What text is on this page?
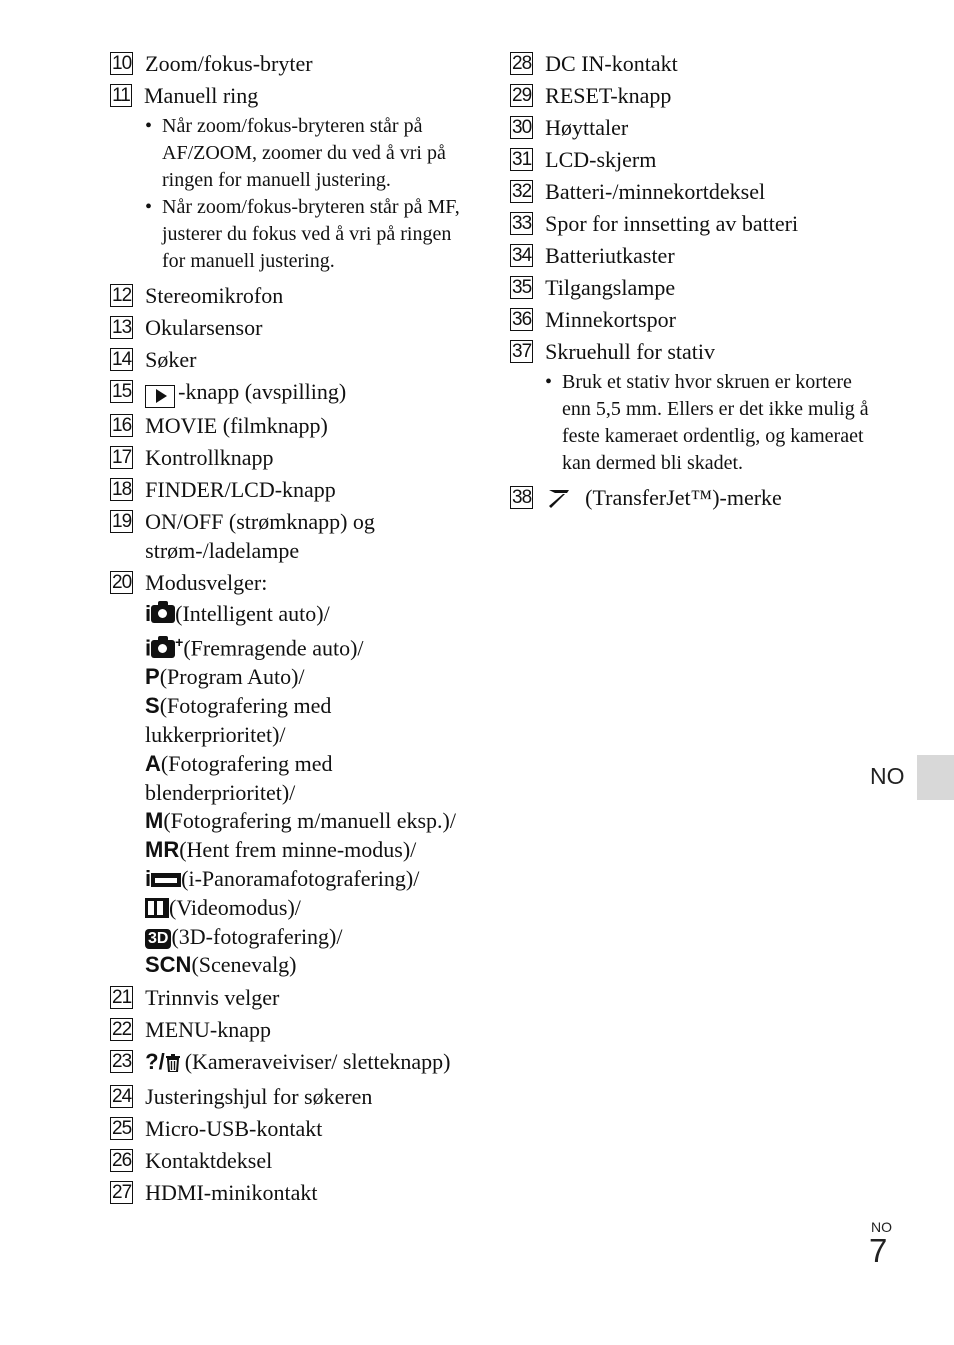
10 Zoom/fokus-bryter
11 Manuell ring
• Når zoom/fokus-bryteren står på AF/ZOOM, zoomer du ved å vri på ringen for manuell justering.
• Når zoom/fokus-bryteren står på MF, justerer du fokus ved å vri på ringen for manuell justering.
12 Stereomikrofon
13 Okularsensor
14 Søker
15	-knapp (avspilling)
16 MOVIE (filmknapp)
17 Kontrollknapp
18 FINDER/LCD-knapp
19 ON/OFF (strømknapp) og strøm-/ladelampe
20 Modusvelger:
i (Intelligent auto)/
i +(Fremragende auto)/
P(Program Auto)/
S(Fotografering med lukkerprioritet)/
A(Fotografering med blenderprioritet)/
M(Fotografering m/manuell eksp.)/
MR(Hent frem minne-modus)/
i (i-Panoramafotografering)/
(Videomodus)/
3D (3D-fotografering)/
SCN(Scenevalg)
21 Trinnvis velger
22 MENU-knapp
23 ?/ (Kameraveiviser/ sletteknapp)
24 Justeringshjul for søkeren
25 Micro-USB-kontakt
26 Kontaktdeksel
27 HDMI-minikontakt
28 DC IN-kontakt
29 RESET-knapp
30 Høyttaler
31 LCD-skjerm
32 Batteri-/minnekortdeksel
33 Spor for innsetting av batteri
34 Batteriutkaster
35 Tilgangslampe
36 Minnekortspor
37 Skruehull for stativ
• Bruk et stativ hvor skruen er kortere enn 5,5 mm. Ellers er det ikke mulig å feste kameraet ordentlig, og kameraet kan dermed bli skadet.
38	(TransferJet™)-merke
NO
NO
7
